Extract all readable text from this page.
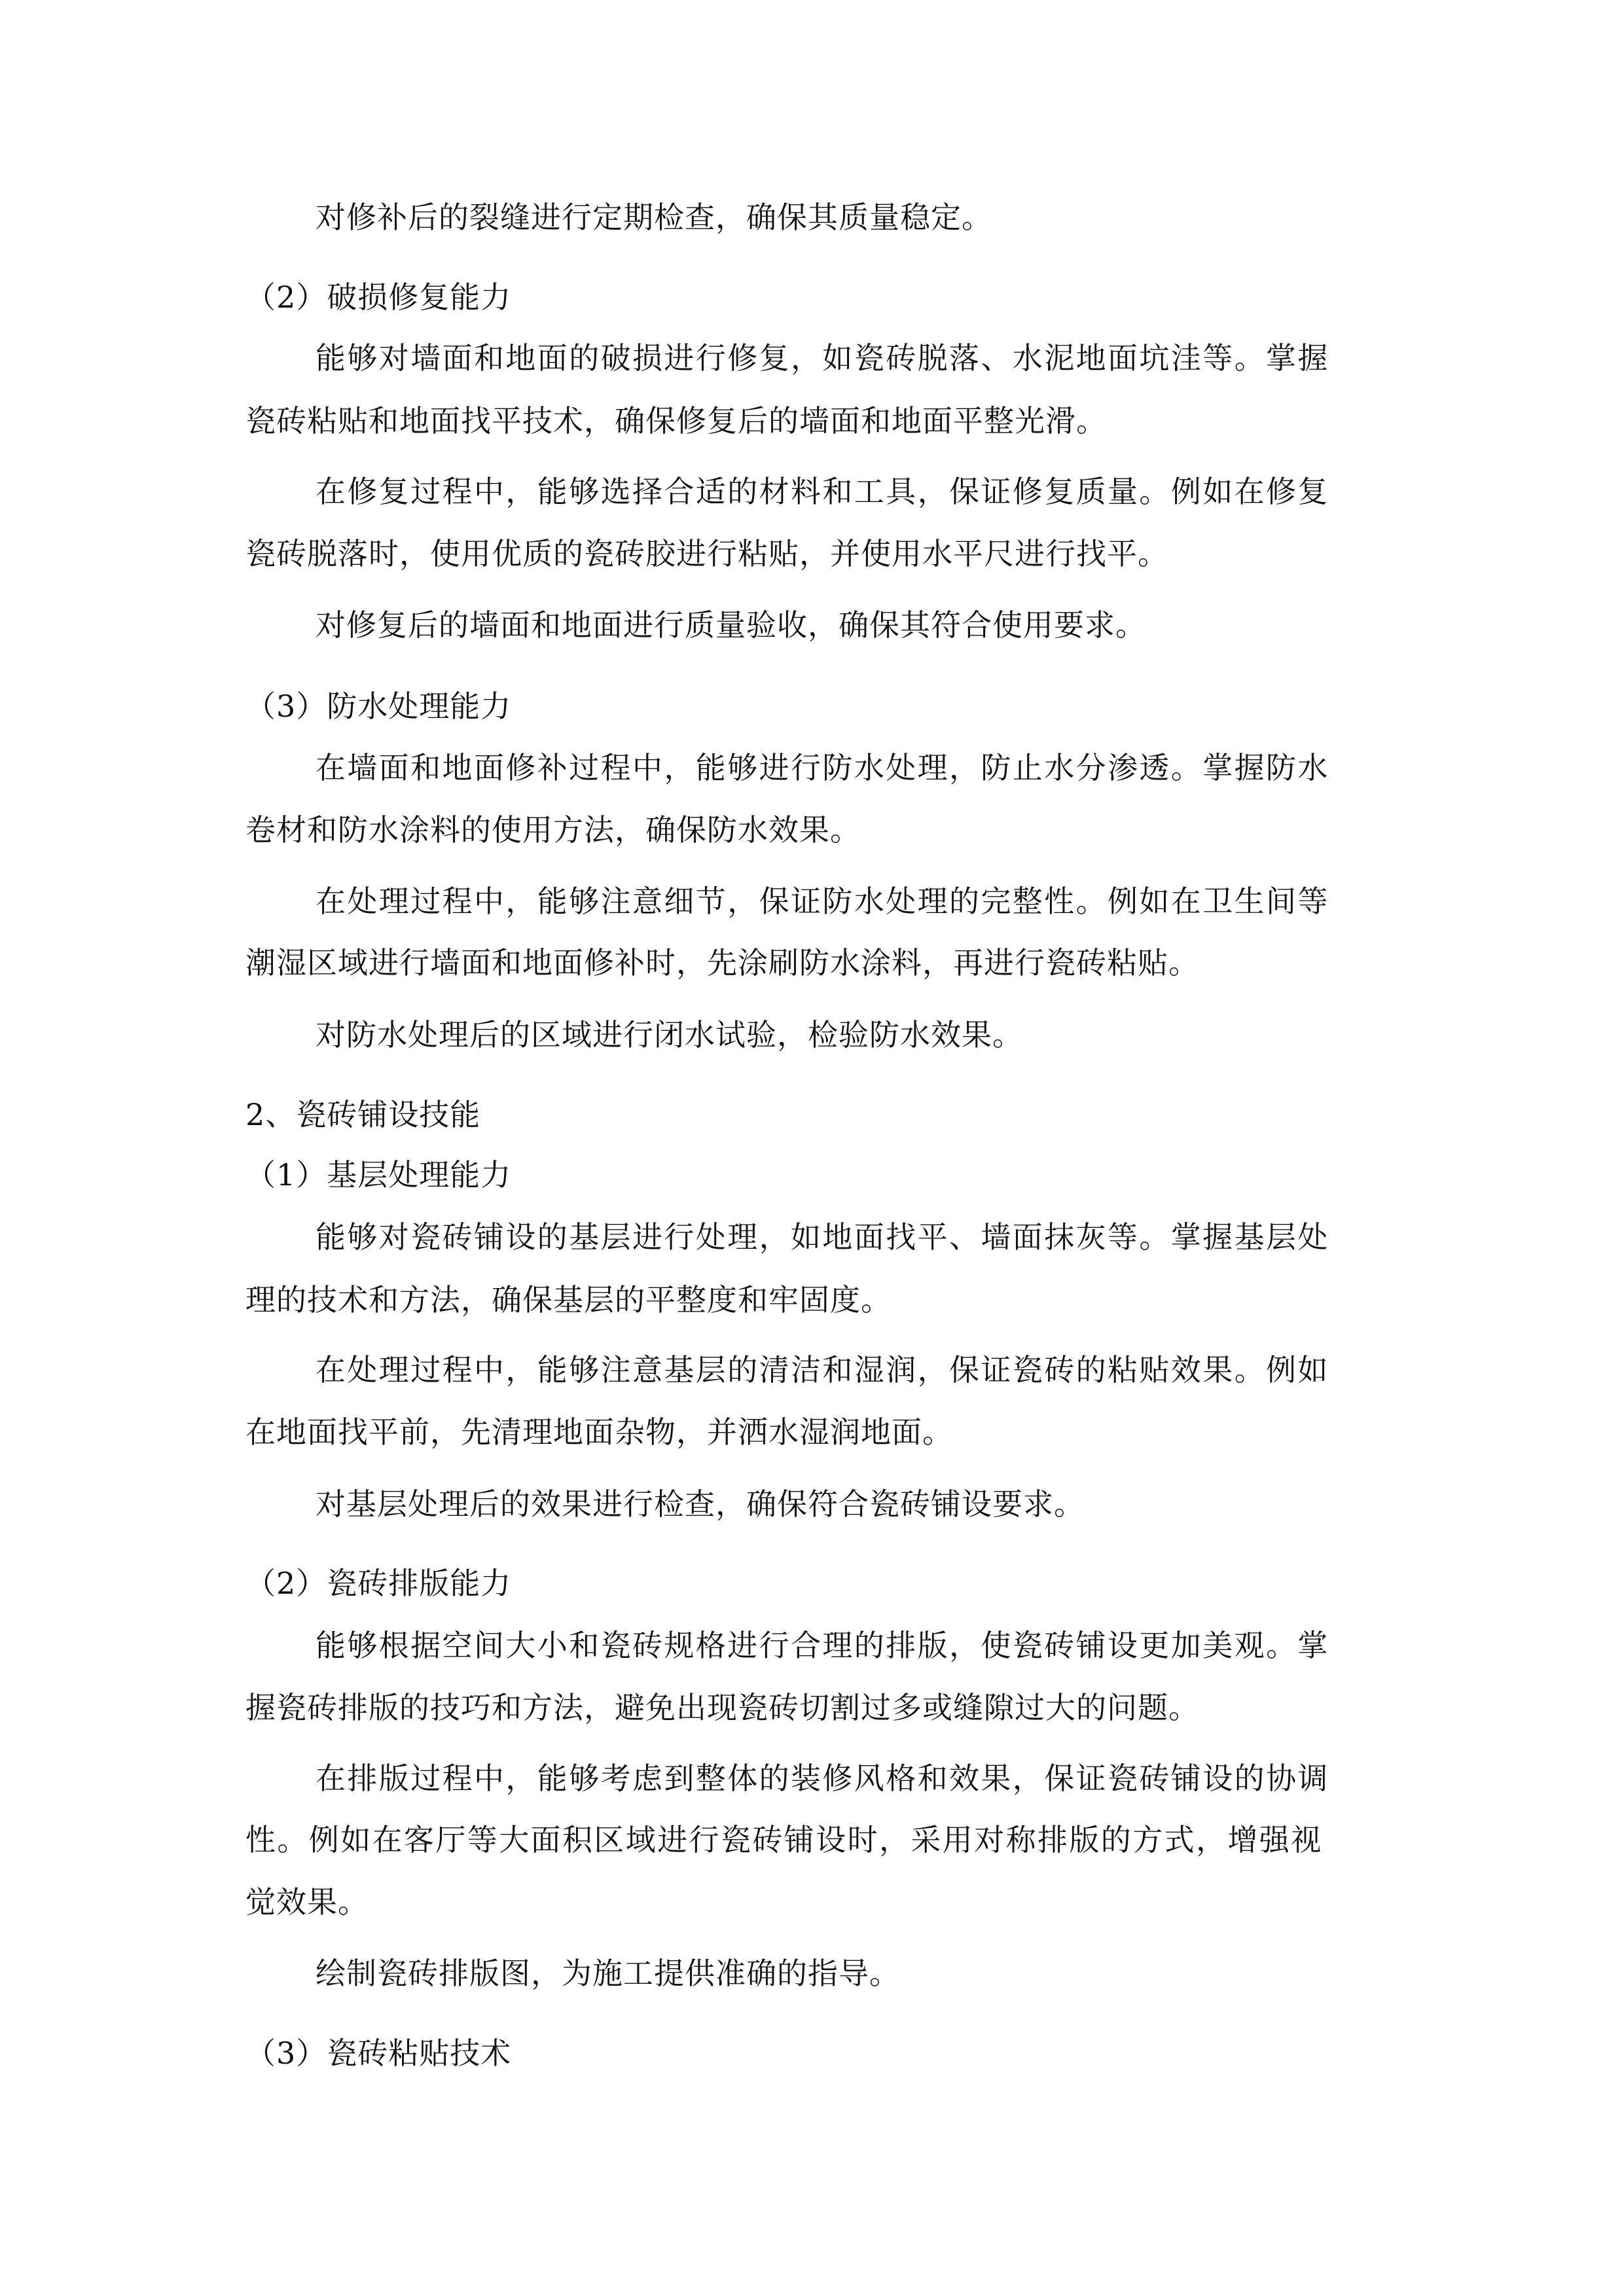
对修补后的裂缝进行定期检查，确保其质量稳定。
（2）破损修复能力
能够对墙面和地面的破损进行修复，如瓷砖脱落、水泥地面坑洼等。掌握
瓷砖粘贴和地面找平技术，确保修复后的墙面和地面平整光滑。
在修复过程中，能够选择合适的材料和工具，保证修复质量。例如在修复
瓷砖脱落时，使用优质的瓷砖胶进行粘贴，并使用水平尺进行找平。
对修复后的墙面和地面进行质量验收，确保其符合使用要求。
（3）防水处理能力
在墙面和地面修补过程中，能够进行防水处理，防止水分渗透。掌握防水
卷材和防水涂料的使用方法，确保防水效果。
在处理过程中，能够注意细节，保证防水处理的完整性。例如在卫生间等
潮湿区域进行墙面和地面修补时，先涂刷防水涂料，再进行瓷砖粘贴。
对防水处理后的区域进行闭水试验，检验防水效果。
2、瓷砖铺设技能
（1）基层处理能力
能够对瓷砖铺设的基层进行处理，如地面找平、墙面抹灰等。掌握基层处
理的技术和方法，确保基层的平整度和牢固度。
在处理过程中，能够注意基层的清洁和湿润，保证瓷砖的粘贴效果。例如
在地面找平前，先清理地面杂物，并洒水湿润地面。
对基层处理后的效果进行检查，确保符合瓷砖铺设要求。
（2）瓷砖排版能力
能够根据空间大小和瓷砖规格进行合理的排版，使瓷砖铺设更加美观。掌
握瓷砖排版的技巧和方法，避免出现瓷砖切割过多或缝隙过大的问题。
在排版过程中，能够考虑到整体的装修风格和效果，保证瓷砖铺设的协调
性。例如在客厅等大面积区域进行瓷砖铺设时，采用对称排版的方式，增强视
觉效果。
绘制瓷砖排版图，为施工提供准确的指导。
（3）瓷砖粘贴技术
